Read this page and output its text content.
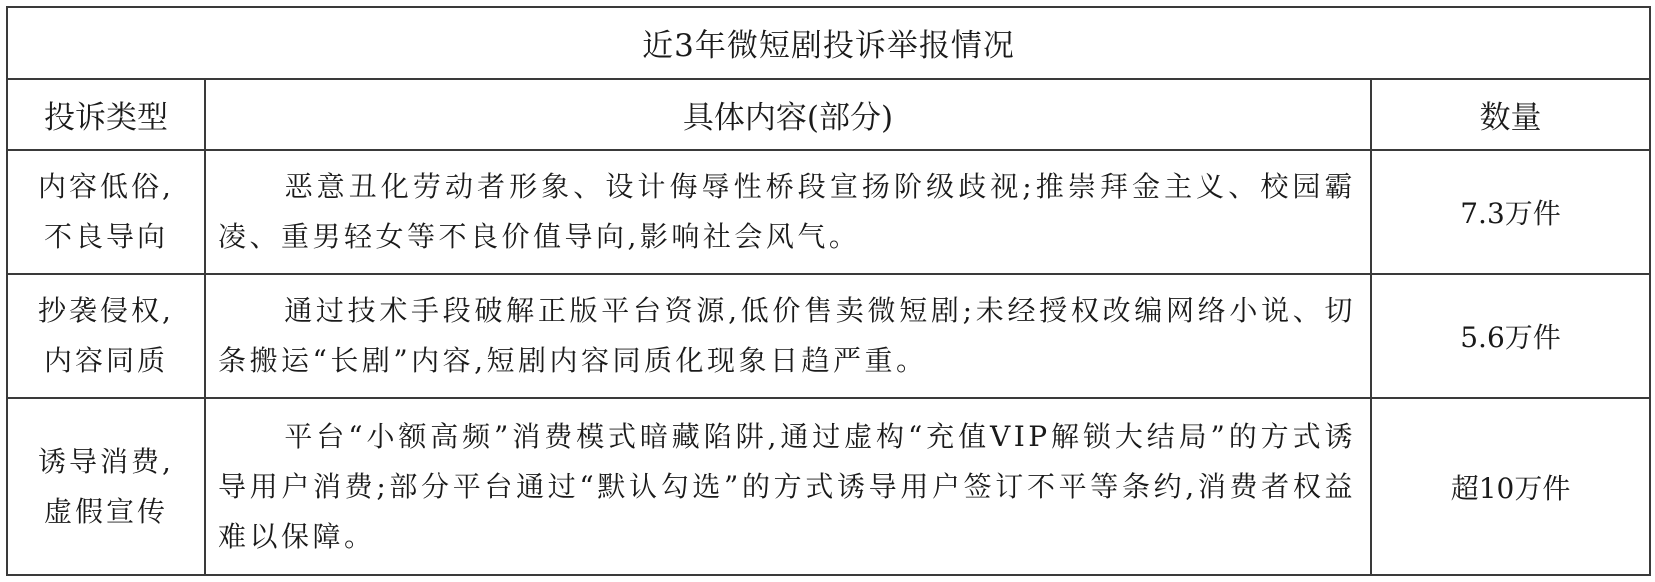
近3年微短剧投诉举报情况		
投诉类型	具体内容(部分)	数量

内容低俗,
不良导向	恶意丑化劳动者形象、设计侮辱性桥段宣扬阶级歧视;推崇拜金主义、校园霸凌、重男轻女等不良价值导向,影响社会风气。	7.3万件

抄袭侵权,
内容同质	通过技术手段破解正版平台资源,低价售卖微短剧;未经授权改编网络小说、切条搬运“长剧”内容,短剧内容同质化现象日趋严重。	5.6万件

诱导消费,
虚假宣传	平台“小额高频”消费模式暗藏陷阱,通过虚构“充值VIP解锁大结局”的方式诱导用户消费;部分平台通过“默认勾选”的方式诱导用户签订不平等条约,消费者权益难以保障。	超10万件
